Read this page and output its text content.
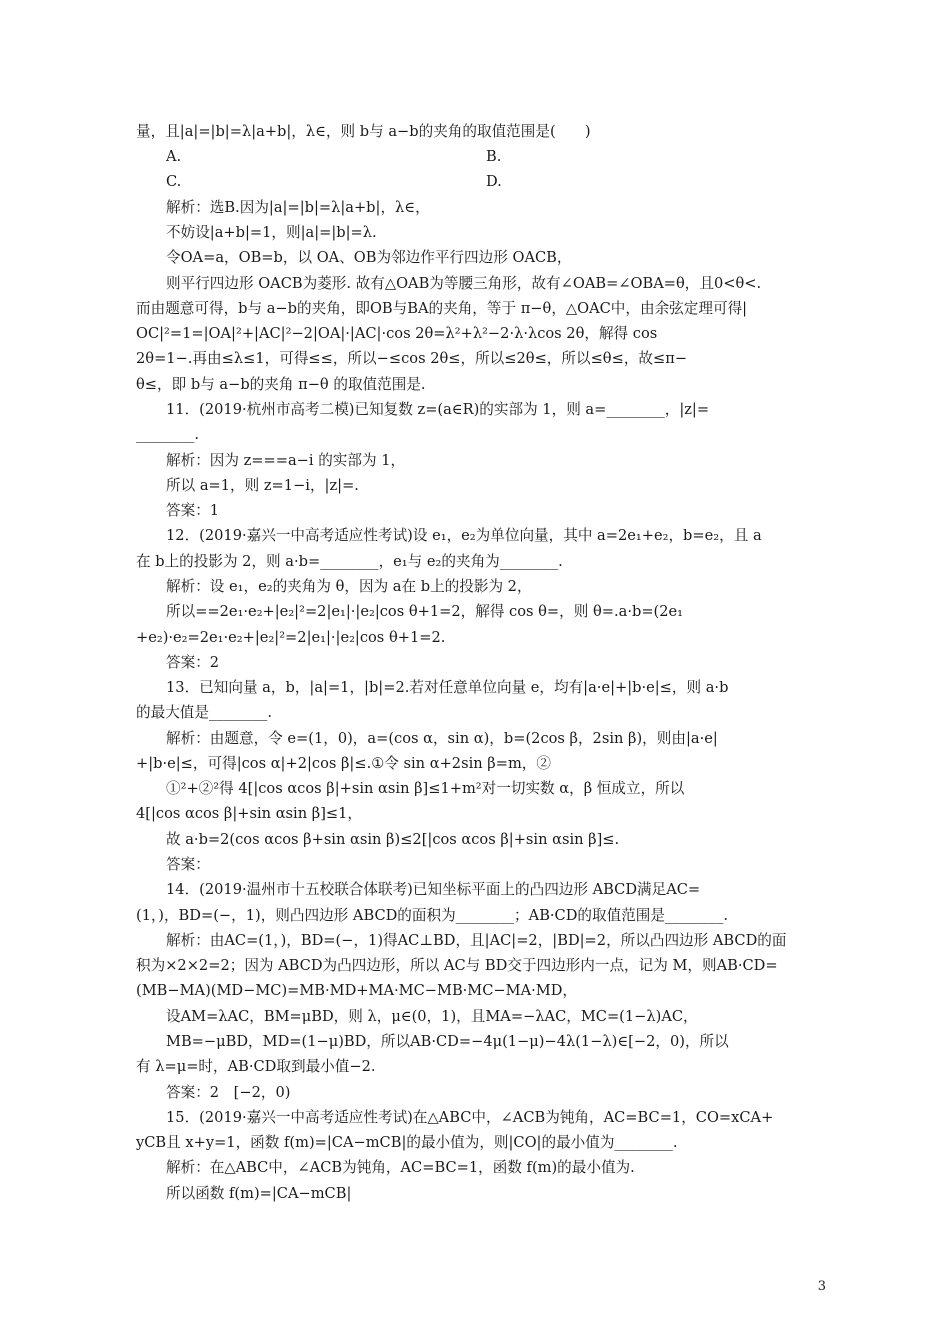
量，且|a|=|b|=λ|a+b|，λ∈，则 b与 a−b的夹角的取值范围是(　　)
A.	B.
C.	D.
解析：选B.因为|a|=|b|=λ|a+b|，λ∈，
不妨设|a+b|=1，则|a|=|b|=λ.
令OA=a，OB=b，以 OA、OB为邻边作平行四边形 OACB，
则平行四边形 OACB为菱形. 故有△OAB为等腰三角形，故有∠OAB=∠OBA=θ，且0<θ<.
而由题意可得，b与 a−b的夹角，即OB与BA的夹角，等于 π−θ，△OAC中，由余弦定理可得|
OC|²=1=|OA|²+|AC|²−2|OA|·|AC|·cos 2θ=λ²+λ²−2·λ·λcos 2θ，解得 cos
2θ=1−.再由≤λ≤1，可得≤≤，所以−≤cos 2θ≤，所以≤2θ≤，所以≤θ≤，故≤π−
θ≤，即 b与 a−b的夹角 π−θ 的取值范围是.
11．(2019·杭州市高考二模)已知复数 z=(a∈R)的实部为 1，则 a=________，|z|=
________.
解析：因为 z===a−i 的实部为 1，
所以 a=1，则 z=1−i，|z|=.
答案：1
12．(2019·嘉兴一中高考适应性考试)设 e₁，e₂为单位向量，其中 a=2e₁+e₂，b=e₂，且 a
在 b上的投影为 2，则 a·b=________，e₁与 e₂的夹角为________.
解析：设 e₁，e₂的夹角为 θ，因为 a在 b上的投影为 2，
所以==2e₁·e₂+|e₂|²=2|e₁|·|e₂|cos θ+1=2，解得 cos θ=，则 θ=.a·b=(2e₁
+e₂)·e₂=2e₁·e₂+|e₂|²=2|e₁|·|e₂|cos θ+1=2.
答案：2
13．已知向量 a，b，|a|=1，|b|=2.若对任意单位向量 e，均有|a·e|+|b·e|≤，则 a·b
的最大值是________.
解析：由题意，令 e=(1，0)，a=(cos α，sin α)，b=(2cos β，2sin β)，则由|a·e|
+|b·e|≤，可得|cos α|+2|cos β|≤.①令 sin α+2sin β=m，②
①²+②²得 4[|cos αcos β|+sin αsin β]≤1+m²对一切实数 α，β 恒成立，所以
4[|cos αcos β|+sin αsin β]≤1，
故 a·b=2(cos αcos β+sin αsin β)≤2[|cos αcos β|+sin αsin β]≤.
答案：
14．(2019·温州市十五校联合体联考)已知坐标平面上的凸四边形 ABCD满足AC=
(1，)，BD=(−，1)，则凸四边形 ABCD的面积为________；AB·CD的取值范围是________.
解析：由AC=(1，)，BD=(−，1)得AC⊥BD，且|AC|=2，|BD|=2，所以凸四边形 ABCD的面
积为×2×2=2；因为 ABCD为凸四边形，所以 AC与 BD交于四边形内一点，记为 M，则AB·CD=
(MB−MA)(MD−MC)=MB·MD+MA·MC−MB·MC−MA·MD，
设AM=λAC，BM=μBD，则 λ，μ∈(0，1)，且MA=−λAC，MC=(1−λ)AC，
MB=−μBD，MD=(1−μ)BD，所以AB·CD=−4μ(1−μ)−4λ(1−λ)∈[−2，0)，所以
有 λ=μ=时，AB·CD取到最小值−2.
答案：2　[−2，0)
15．(2019·嘉兴一中高考适应性考试)在△ABC中，∠ACB为钝角，AC=BC=1，CO=xCA+
yCB且 x+y=1，函数 f(m)=|CA−mCB|的最小值为，则|CO|的最小值为________.
解析：在△ABC中，∠ACB为钝角，AC=BC=1，函数 f(m)的最小值为.
所以函数 f(m)=|CA−mCB|
3
